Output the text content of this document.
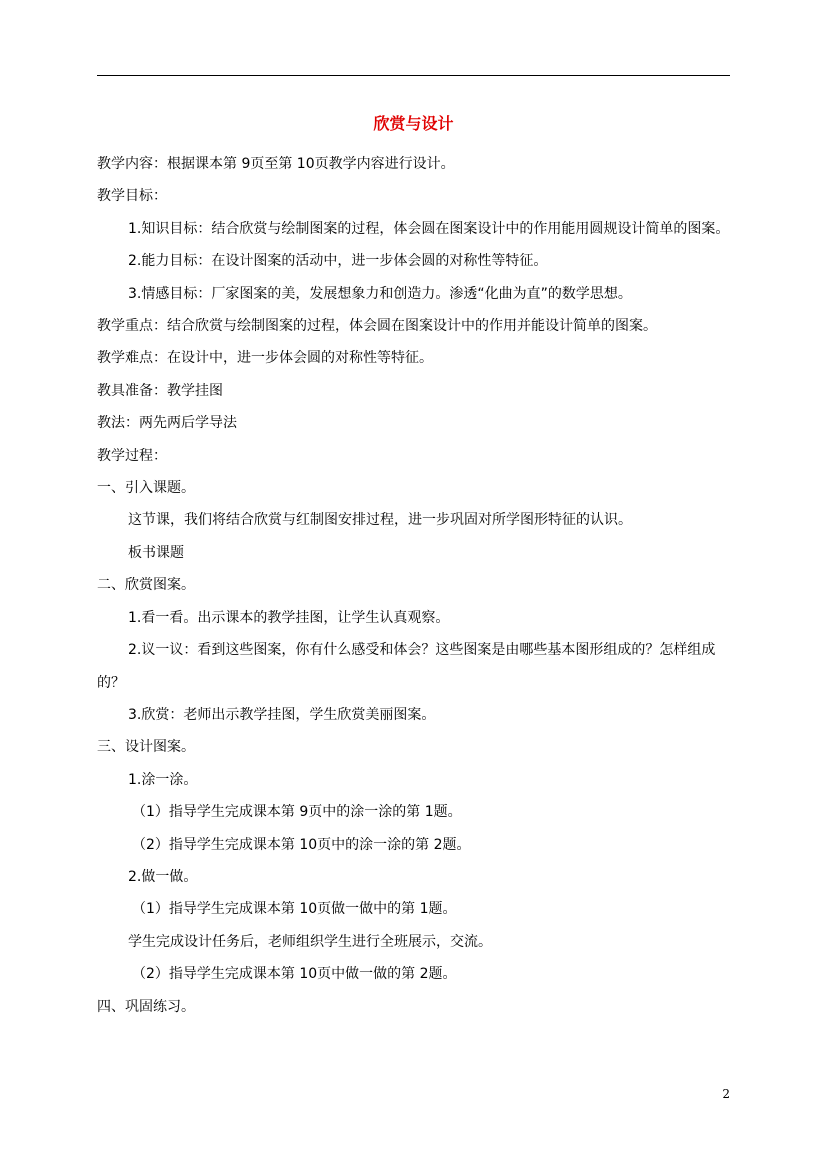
欣赏与设计
教学内容：根据课本第 9页至第 10页教学内容进行设计。
教学目标：
1.知识目标：结合欣赏与绘制图案的过程，体会圆在图案设计中的作用能用圆规设计简单的图案。
2.能力目标：在设计图案的活动中，进一步体会圆的对称性等特征。
3.情感目标：厂家图案的美，发展想象力和创造力。渗透“化曲为直”的数学思想。
教学重点：结合欣赏与绘制图案的过程，体会圆在图案设计中的作用并能设计简单的图案。
教学难点：在设计中，进一步体会圆的对称性等特征。
教具准备：教学挂图
教法：两先两后学导法
教学过程：
一、引入课题。
这节课，我们将结合欣赏与红制图安排过程，进一步巩固对所学图形特征的认识。
板书课题
二、欣赏图案。
1.看一看。出示课本的教学挂图，让学生认真观察。
2.议一议：看到这些图案，你有什么感受和体会？这些图案是由哪些基本图形组成的？怎样组成的？
3.欣赏：老师出示教学挂图，学生欣赏美丽图案。
三、设计图案。
1.涂一涂。
（1）指导学生完成课本第 9页中的涂一涂的第 1题。
（2）指导学生完成课本第 10页中的涂一涂的第 2题。
2.做一做。
（1）指导学生完成课本第 10页做一做中的第 1题。
学生完成设计任务后，老师组织学生进行全班展示，交流。
（2）指导学生完成课本第 10页中做一做的第 2题。
四、巩固练习。
2
